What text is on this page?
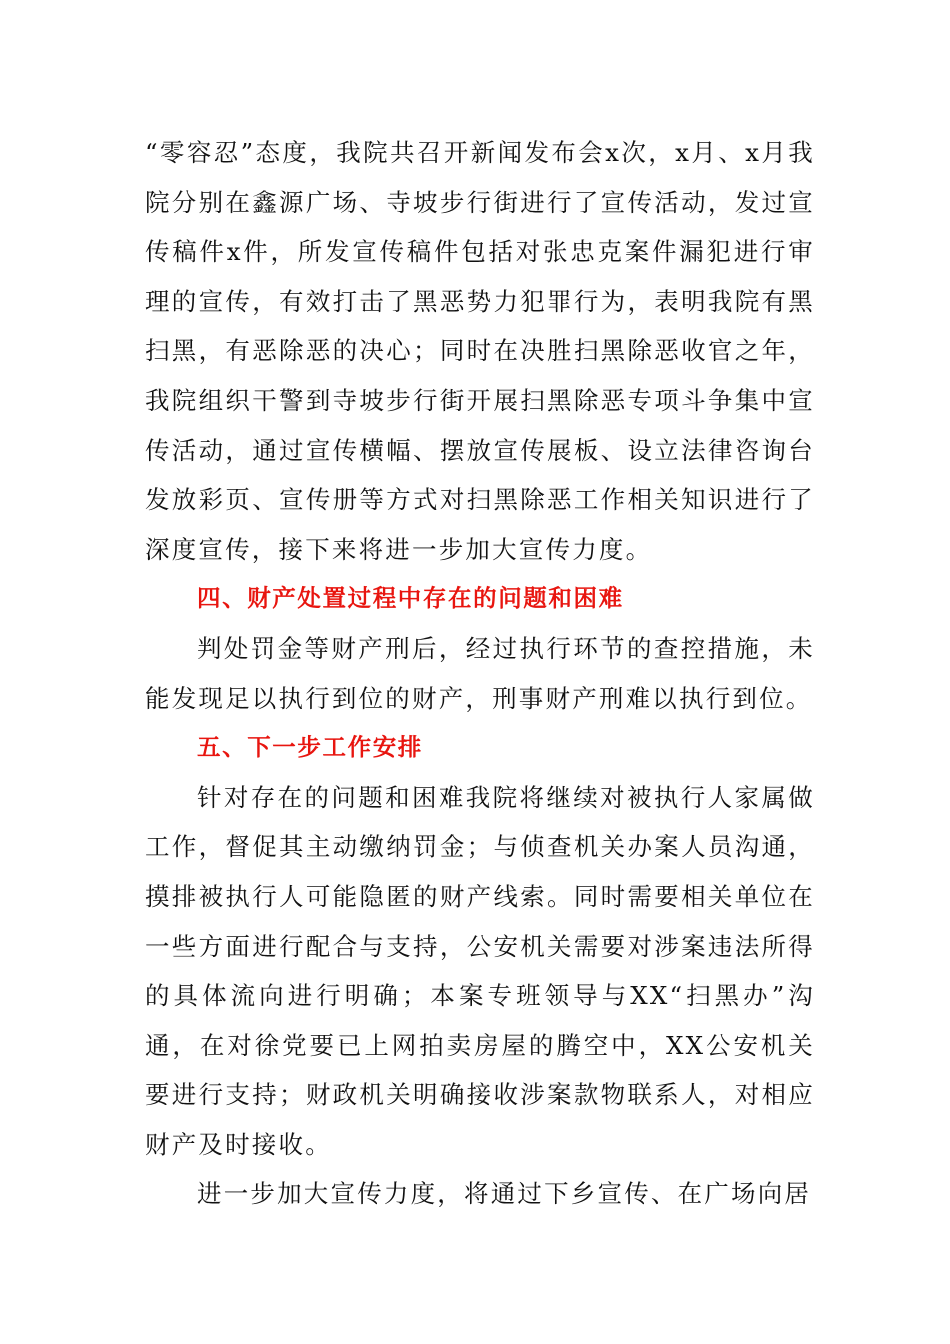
“零容忍”态度，我院共召开新闻发布会x次，x月、x月我院分别在鑫源广场、寺坡步行街进行了宣传活动，发过宣传稿件x件，所发宣传稿件包括对张忠克案件漏犯进行审理的宣传，有效打击了黑恶势力犯罪行为，表明我院有黑扫黑，有恶除恶的决心；同时在决胜扫黑除恶收官之年，我院组织干警到寺坡步行街开展扫黑除恶专项斗争集中宣传活动，通过宣传横幅、摆放宣传展板、设立法律咨询台发放彩页、宣传册等方式对扫黑除恶工作相关知识进行了深度宣传，接下来将进一步加大宣传力度。

四、财产处置过程中存在的问题和困难

判处罚金等财产刑后，经过执行环节的查控措施，未能发现足以执行到位的财产，刑事财产刑难以执行到位。

五、下一步工作安排

针对存在的问题和困难我院将继续对被执行人家属做工作，督促其主动缴纳罚金；与侦查机关办案人员沟通，摸排被执行人可能隐匿的财产线索。同时需要相关单位在一些方面进行配合与支持，公安机关需要对涉案违法所得的具体流向进行明确；本案专班领导与XX“扫黑办”沟通，在对徐党要已上网拍卖房屋的腾空中，XX公安机关要进行支持；财政机关明确接收涉案款物联系人，对相应财产及时接收。

进一步加大宣传力度，将通过下乡宣传、在广场向居
